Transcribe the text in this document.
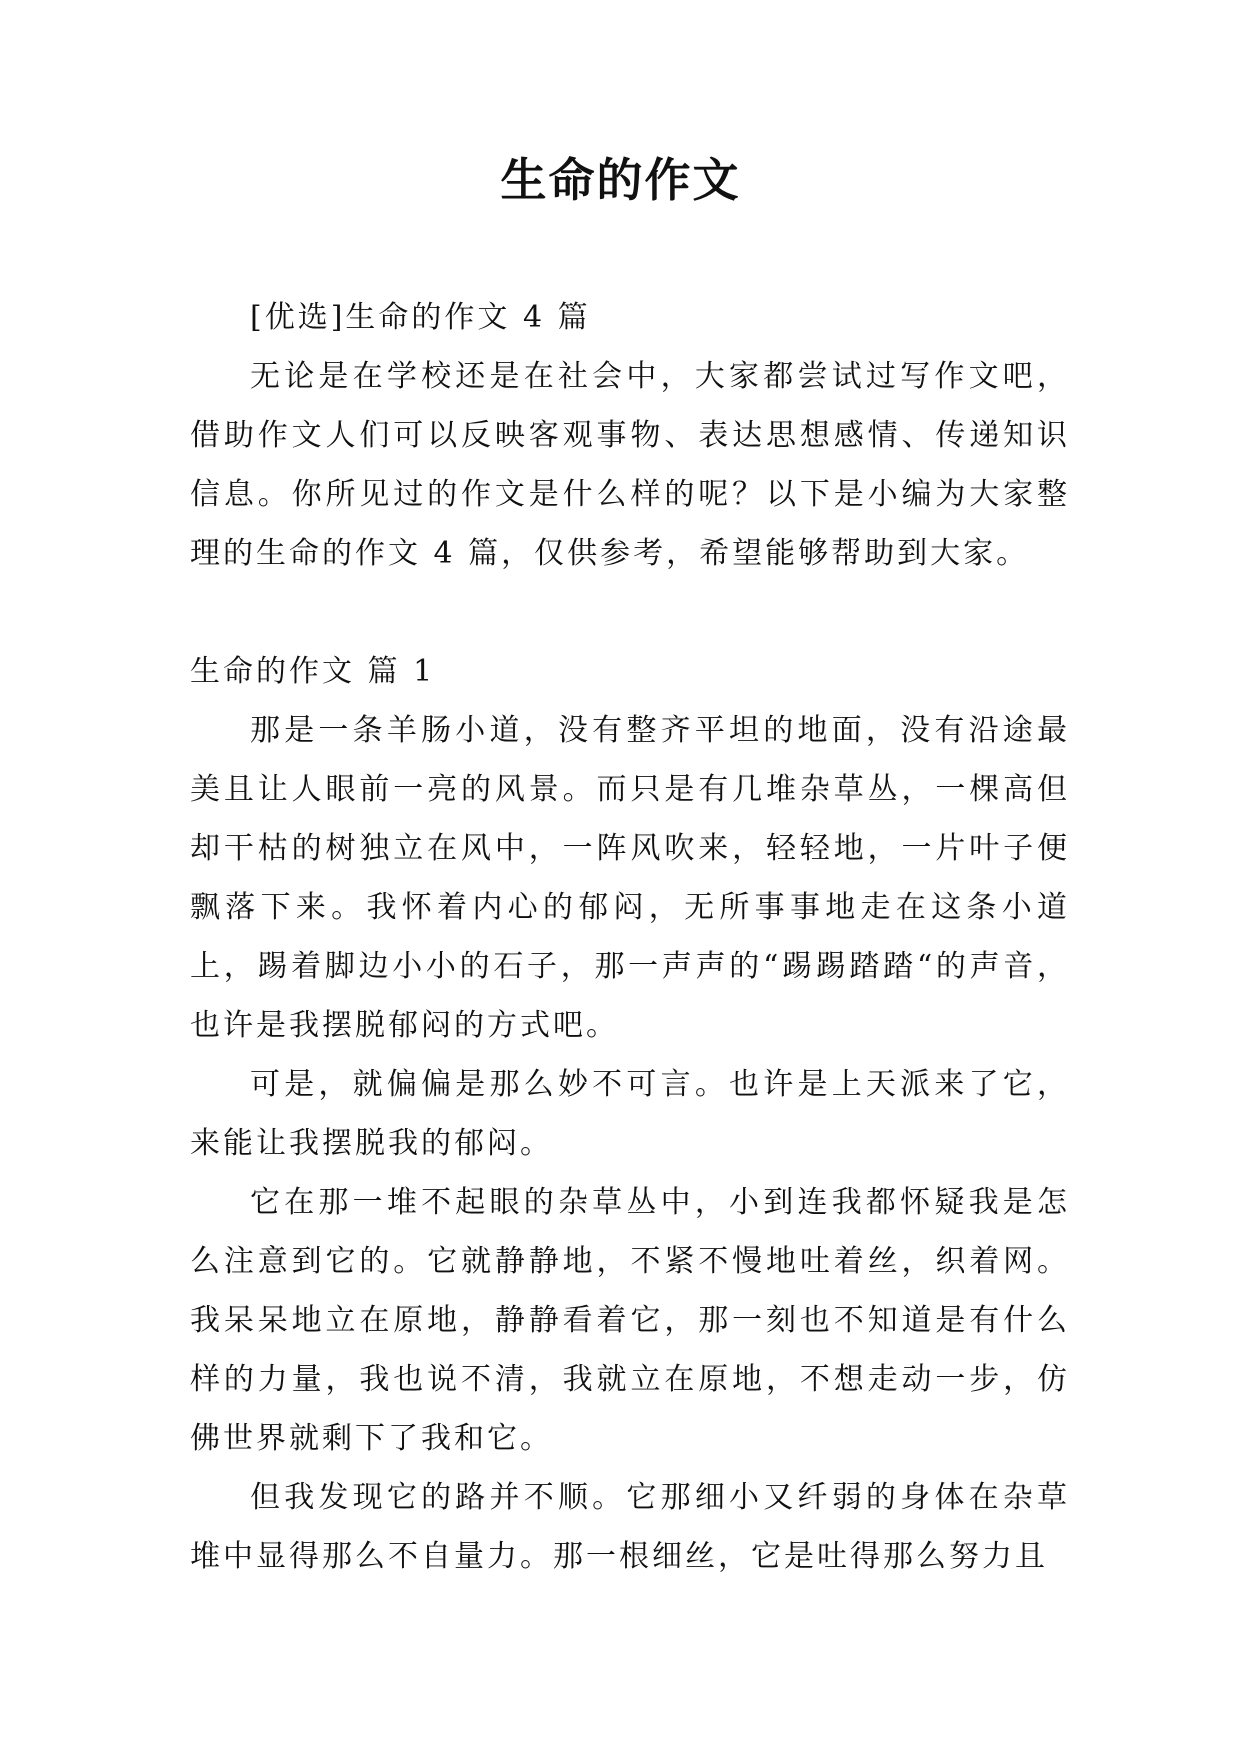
生命的作文

[优选]生命的作文 4 篇

无论是在学校还是在社会中，大家都尝试过写作文吧，借助作文人们可以反映客观事物、表达思想感情、传递知识信息。你所见过的作文是什么样的呢？以下是小编为大家整理的生命的作文 4 篇，仅供参考，希望能够帮助到大家。

生命的作文 篇 1

那是一条羊肠小道，没有整齐平坦的地面，没有沿途最美且让人眼前一亮的风景。而只是有几堆杂草丛，一棵高但却干枯的树独立在风中，一阵风吹来，轻轻地，一片叶子便飘落下来。我怀着内心的郁闷，无所事事地走在这条小道上，踢着脚边小小的石子，那一声声的“踢踢踏踏“的声音，也许是我摆脱郁闷的方式吧。

可是，就偏偏是那么妙不可言。也许是上天派来了它，来能让我摆脱我的郁闷。

它在那一堆不起眼的杂草丛中，小到连我都怀疑我是怎么注意到它的。它就静静地，不紧不慢地吐着丝，织着网。我呆呆地立在原地，静静看着它，那一刻也不知道是有什么样的力量，我也说不清，我就立在原地，不想走动一步，仿佛世界就剩下了我和它。

但我发现它的路并不顺。它那细小又纤弱的身体在杂草堆中显得那么不自量力。那一根细丝，它是吐得那么努力且
